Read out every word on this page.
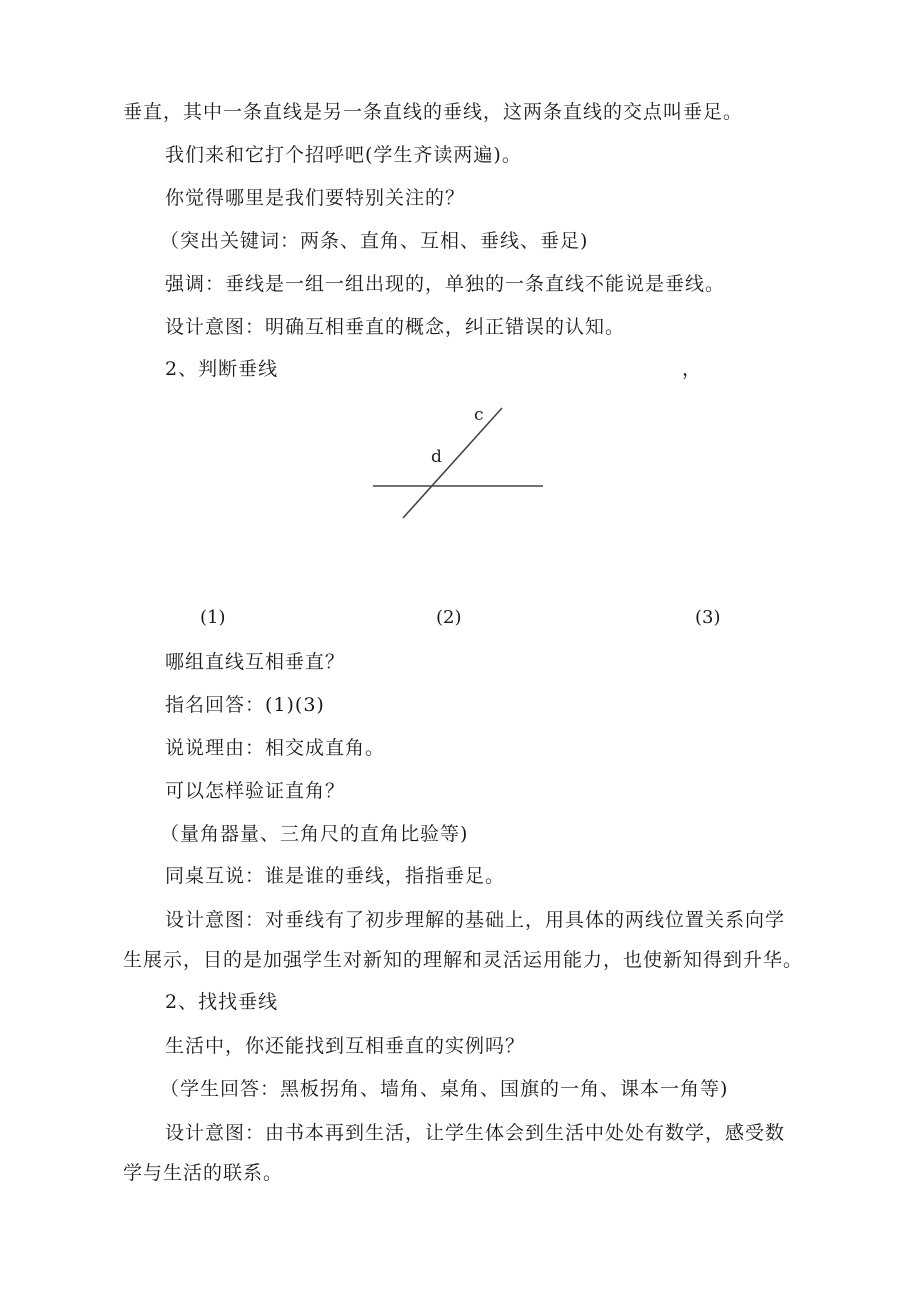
垂直，其中一条直线是另一条直线的垂线，这两条直线的交点叫垂足。
我们来和它打个招呼吧(学生齐读两遍)。
你觉得哪里是我们要特别关注的？
（突出关键词：两条、直角、互相、垂线、垂足)
强调：垂线是一组一组出现的，单独的一条直线不能说是垂线。
设计意图：明确互相垂直的概念，纠正错误的认知。
2、判断垂线	，
c
d
(1)	(2)	(3)
哪组直线互相垂直？
指名回答：(1)(3)
说说理由：相交成直角。
可以怎样验证直角？
（量角器量、三角尺的直角比验等)
同桌互说：谁是谁的垂线，指指垂足。
设计意图：对垂线有了初步理解的基础上，用具体的两线位置关系向学生展示，目的是加强学生对新知的理解和灵活运用能力，也使新知得到升华。
2、找找垂线
生活中，你还能找到互相垂直的实例吗？
（学生回答：黑板拐角、墙角、桌角、国旗的一角、课本一角等)
设计意图：由书本再到生活，让学生体会到生活中处处有数学，感受数学与生活的联系。
